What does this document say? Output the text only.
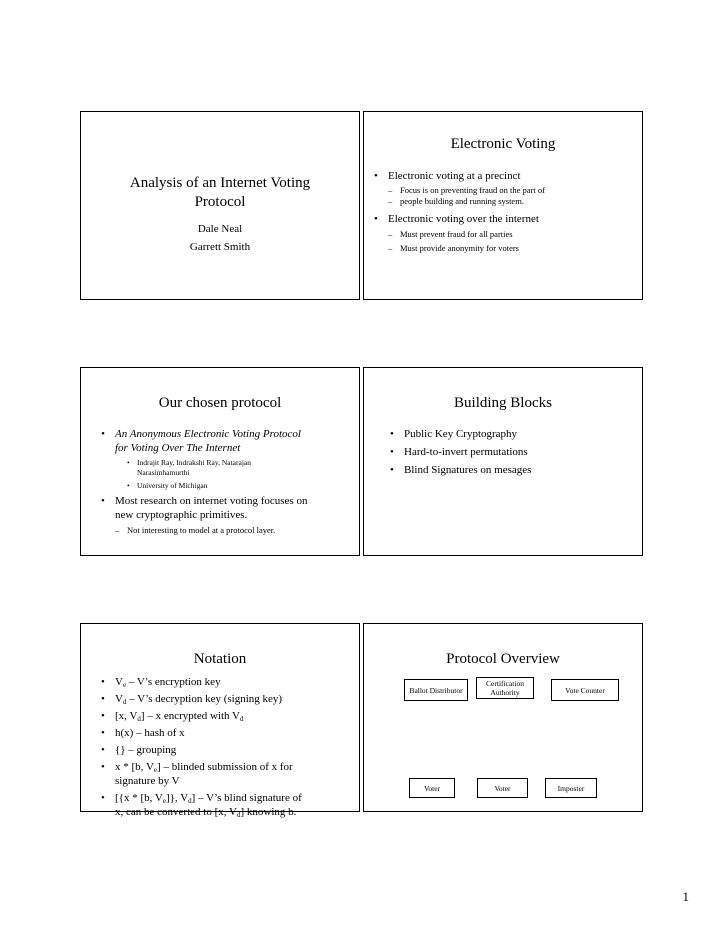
Analysis of an Internet Voting
Protocol
Dale Neal
Garrett Smith
Electronic Voting
• Electronic voting at a precinct
– Focus is on preventing fraud on the part of
– people building and running system.

• Electronic voting over the internet
– Must prevent fraud for all parties
– Must provide anonymity for voters
Our chosen protocol
• An Anonymous Electronic Voting Protocol
for Voting Over The Internet
• Indrajit Ray, Indrakshi Ray, Natarajan
Narasimhamurthi
• University of Michigan
• Most research on internet voting focuses on
new cryptographic primitives.
– Not interesting to model at a protocol layer.
Building Blocks
• Public Key Cryptography
• Hard-to-invert permutations
• Blind Signatures on mesages
Notation
• $V_e$ – V’s encryption key
• $V_d$ – V’s decryption key (signing key)
• [x, $V_d$] – x encrypted with $V_d$
• h(x) – hash of x
• {} – grouping
• x * [b, $V_e$] – blinded submission of x for
signature by V
• [{x * [b, $V_e$]}, $V_d$] – V’s blind signature of
x, can be converted to [x, $V_d$] knowing b.
Protocol Overview
Ballot Distributor
Certification
Authority	Vote Counter
Voter	Voter	Imposter
1
